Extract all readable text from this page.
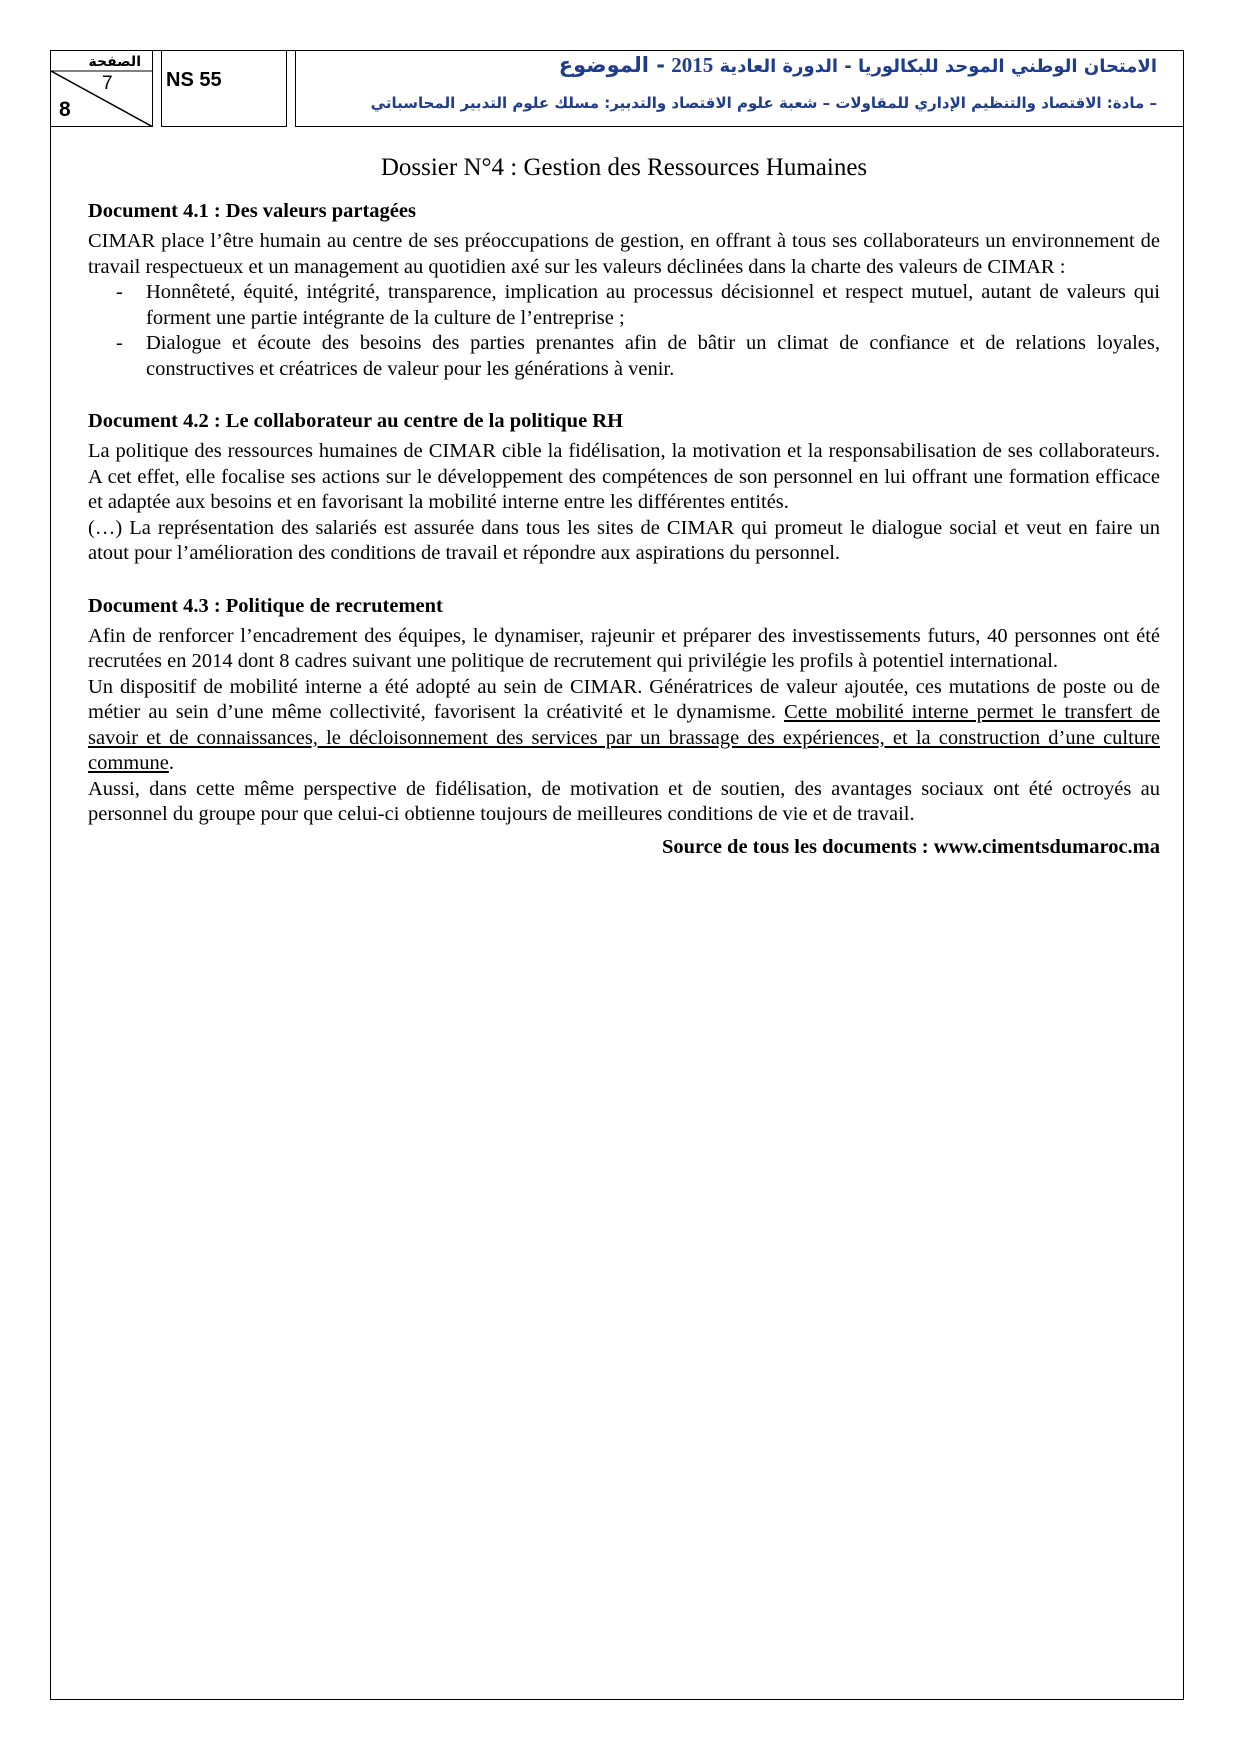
الصفحة
7
8
NS 55
الامتحان الوطني الموحد للبكالوريا - الدورة العادية 2015 - الموضوع
– مادة: الاقتصاد والتنظيم الإداري للمقاولات – شعبة علوم الاقتصاد والتدبير: مسلك علوم التدبير المحاسباتي
Dossier N°4 : Gestion des Ressources Humaines
Document 4.1 : Des valeurs partagées

CIMAR place l’être humain au centre de ses préoccupations de gestion, en offrant à tous ses collaborateurs un environnement de travail respectueux et un management au quotidien axé sur les valeurs déclinées dans la charte des valeurs de CIMAR :

- Honnêteté, équité, intégrité, transparence, implication au processus décisionnel et respect mutuel, autant de valeurs qui forment une partie intégrante de la culture de l’entreprise ;
- Dialogue et écoute des besoins des parties prenantes afin de bâtir un climat de confiance et de relations loyales, constructives et créatrices de valeur pour les générations à venir.
Document 4.2 : Le collaborateur au centre de la politique RH

La politique des ressources humaines de CIMAR cible la fidélisation, la motivation et la responsabilisation de ses collaborateurs. A cet effet, elle focalise ses actions sur le développement des compétences de son personnel en lui offrant une formation efficace et adaptée aux besoins et en favorisant la mobilité interne entre les différentes entités.

(…) La représentation des salariés est assurée dans tous les sites de CIMAR qui promeut le dialogue social et veut en faire un atout pour l’amélioration des conditions de travail et répondre aux aspirations du personnel.

Document 4.3 : Politique de recrutement

Afin de renforcer l’encadrement des équipes, le dynamiser, rajeunir et préparer des investissements futurs, 40 personnes ont été recrutées en 2014 dont 8 cadres suivant une politique de recrutement qui privilégie les profils à potentiel international.

Un dispositif de mobilité interne a été adopté au sein de CIMAR. Génératrices de valeur ajoutée, ces mutations de poste ou de métier au sein d’une même collectivité, favorisent la créativité et le dynamisme. Cette mobilité interne permet le transfert de savoir et de connaissances, le décloisonnement des services par un brassage des expériences, et la construction d’une culture commune.

Aussi, dans cette même perspective de fidélisation, de motivation et de soutien, des avantages sociaux ont été octroyés au personnel du groupe pour que celui-ci obtienne toujours de meilleures conditions de vie et de travail.

Source de tous les documents : www.cimentsdumaroc.ma
